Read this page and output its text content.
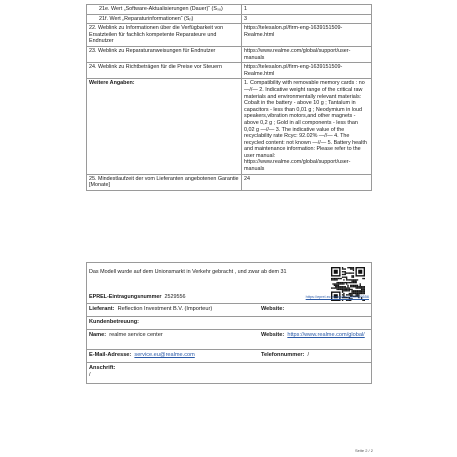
21e. Wert „Software-Aktualisierungen (Dauer)“ (Sₛᵤ)	1
21f. Wert „Reparaturinformationen“ (Sᵣᵢ)	3
22. Weblink zu Informationen über die Verfügbarkeit von Ersatzteilen für fachlich kompetente Reparateure und Endnutzer	https://telesalon.pl/firm-eng-1639151509-Realme.html
23. Weblink zu Reparaturanweisungen für Endnutzer	https://www.realme.com/global/support/user-manuals
24. Weblink zu Richtbeträgen für die Preise vor Steuern	https://telesalon.pl/firm-eng-1639151509-Realme.html
Weitere Angaben:	1. Compatibility with removable memory cards : no —//— 2. Indicative weight range of the critical raw materials and environmentally relevant materials: Cobalt in the battery - above 10 g ; Tantalum in capacitors - less than 0,01 g ; Neodymium in loud speakers,vibration motors,and other magnets - above 0,2 g ; Gold in all components - less than 0,02 g —//— 3. The indicative value of the recyclability rate Rcyc: 92.02% —//— 4. The recycled content: not known —//— 5. Battery health and maintenance information: Please refer to the user manual: https://www.realme.com/global/support/user-manuals
25. Mindestlaufzeit der vom Lieferanten angebotenen Garantie [Monate]	24
Das Modell wurde auf dem Unionsmarkt in Verkehr gebracht , und zwar ab dem 31
EPREL-Eintragungsnummer 2529556	https://eprel.ec.europa.eu/qr/2529556
Lieferant: Reflection Investment B.V. (Importeur)	Website:
Kundenbetreuung:
Name: realme service center	Website: https://www.realme.com/global/
E-Mail-Adresse: service.eu@realme.com	Telefonnummer: /
Anschrift:
/
Seite 2 / 2
